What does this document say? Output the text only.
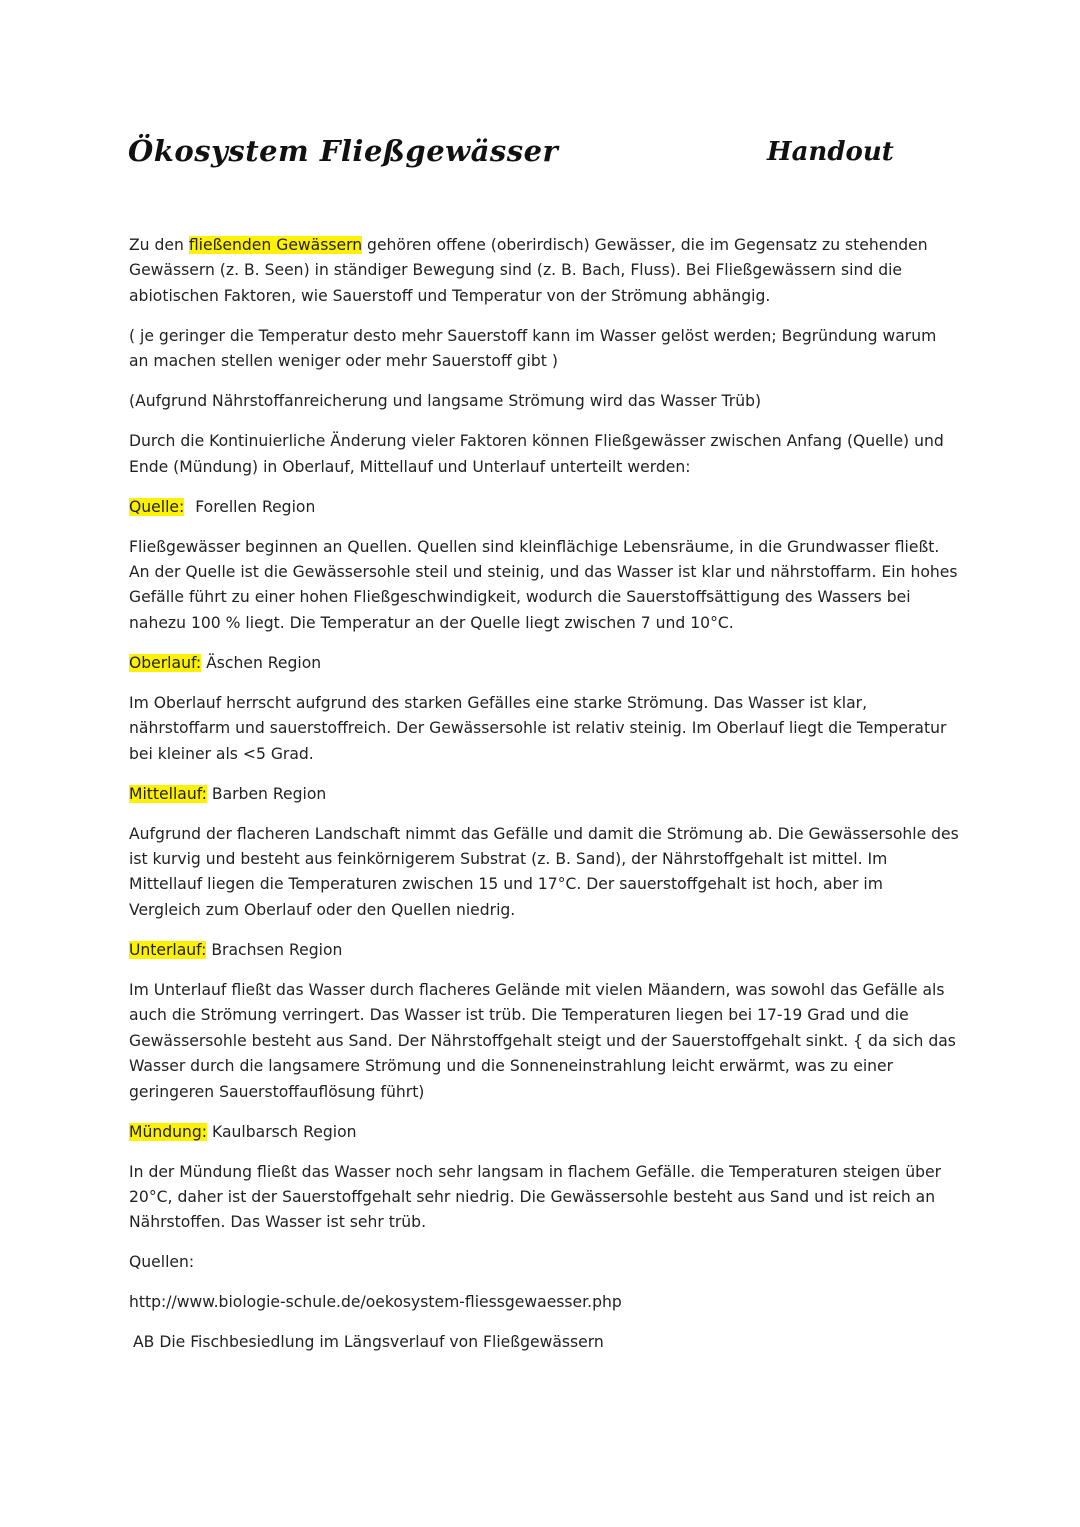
Ökosystem Fließgewässer	Handout

Zu den fließenden Gewässern gehören offene (oberirdisch) Gewässer, die im Gegensatz zu stehenden Gewässern (z. B. Seen) in ständiger Bewegung sind (z. B. Bach, Fluss). Bei Fließgewässern sind die abiotischen Faktoren, wie Sauerstoff und Temperatur von der Strömung abhängig.

( je geringer die Temperatur desto mehr Sauerstoff kann im Wasser gelöst werden; Begründung warum an machen stellen weniger oder mehr Sauerstoff gibt )

(Aufgrund Nährstoffanreicherung und langsame Strömung wird das Wasser Trüb)

Durch die Kontinuierliche Änderung vieler Faktoren können Fließgewässer zwischen Anfang (Quelle) und Ende (Mündung) in Oberlauf, Mittellauf und Unterlauf unterteilt werden:

Quelle: Forellen Region

Fließgewässer beginnen an Quellen. Quellen sind kleinflächige Lebensräume, in die Grundwasser fließt. An der Quelle ist die Gewässersohle steil und steinig, und das Wasser ist klar und nährstoffarm. Ein hohes Gefälle führt zu einer hohen Fließgeschwindigkeit, wodurch die Sauerstoffsättigung des Wassers bei nahezu 100 % liegt. Die Temperatur an der Quelle liegt zwischen 7 und 10°C.

Oberlauf: Äschen Region

Im Oberlauf herrscht aufgrund des starken Gefälles eine starke Strömung. Das Wasser ist klar, nährstoffarm und sauerstoffreich. Der Gewässersohle ist relativ steinig. Im Oberlauf liegt die Temperatur bei kleiner als <5 Grad.

Mittellauf: Barben Region

Aufgrund der flacheren Landschaft nimmt das Gefälle und damit die Strömung ab. Die Gewässersohle des ist kurvig und besteht aus feinkörnigerem Substrat (z. B. Sand), der Nährstoffgehalt ist mittel. Im Mittellauf liegen die Temperaturen zwischen 15 und 17°C. Der sauerstoffgehalt ist hoch, aber im Vergleich zum Oberlauf oder den Quellen niedrig.

Unterlauf: Brachsen Region

Im Unterlauf fließt das Wasser durch flacheres Gelände mit vielen Mäandern, was sowohl das Gefälle als auch die Strömung verringert. Das Wasser ist trüb. Die Temperaturen liegen bei 17-19 Grad und die Gewässersohle besteht aus Sand. Der Nährstoffgehalt steigt und der Sauerstoffgehalt sinkt. { da sich das Wasser durch die langsamere Strömung und die Sonneneinstrahlung leicht erwärmt, was zu einer geringeren Sauerstoffauflösung führt)

Mündung: Kaulbarsch Region

In der Mündung fließt das Wasser noch sehr langsam in flachem Gefälle. die Temperaturen steigen über 20°C, daher ist der Sauerstoffgehalt sehr niedrig. Die Gewässersohle besteht aus Sand und ist reich an Nährstoffen. Das Wasser ist sehr trüb.

Quellen:

http://www.biologie-schule.de/oekosystem-fliessgewaesser.php

AB Die Fischbesiedlung im Längsverlauf von Fließgewässern
